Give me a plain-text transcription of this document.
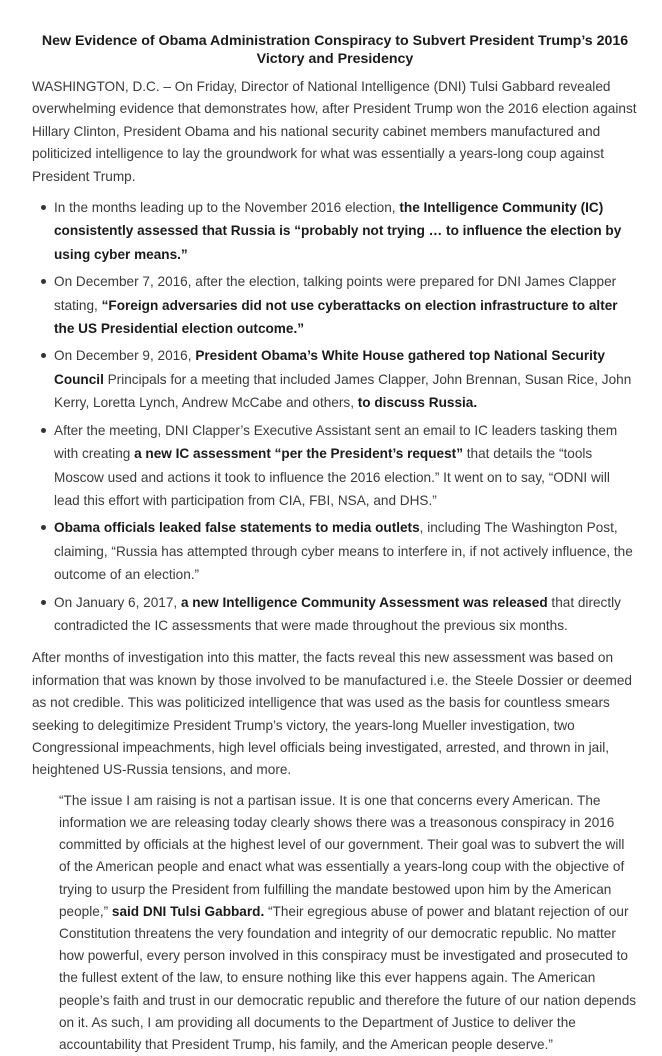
New Evidence of Obama Administration Conspiracy to Subvert President Trump’s 2016 Victory and Presidency

WASHINGTON, D.C. – On Friday, Director of National Intelligence (DNI) Tulsi Gabbard revealed overwhelming evidence that demonstrates how, after President Trump won the 2016 election against Hillary Clinton, President Obama and his national security cabinet members manufactured and politicized intelligence to lay the groundwork for what was essentially a years-long coup against President Trump.

In the months leading up to the November 2016 election, the Intelligence Community (IC) consistently assessed that Russia is “probably not trying … to influence the election by using cyber means.”
On December 7, 2016, after the election, talking points were prepared for DNI James Clapper stating, “Foreign adversaries did not use cyberattacks on election infrastructure to alter the US Presidential election outcome.”
On December 9, 2016, President Obama’s White House gathered top National Security Council Principals for a meeting that included James Clapper, John Brennan, Susan Rice, John Kerry, Loretta Lynch, Andrew McCabe and others, to discuss Russia.
After the meeting, DNI Clapper’s Executive Assistant sent an email to IC leaders tasking them with creating a new IC assessment “per the President’s request” that details the “tools Moscow used and actions it took to influence the 2016 election.” It went on to say, “ODNI will lead this effort with participation from CIA, FBI, NSA, and DHS.”
Obama officials leaked false statements to media outlets, including The Washington Post, claiming, “Russia has attempted through cyber means to interfere in, if not actively influence, the outcome of an election.”
On January 6, 2017, a new Intelligence Community Assessment was released that directly contradicted the IC assessments that were made throughout the previous six months.

After months of investigation into this matter, the facts reveal this new assessment was based on information that was known by those involved to be manufactured i.e. the Steele Dossier or deemed as not credible. This was politicized intelligence that was used as the basis for countless smears seeking to delegitimize President Trump’s victory, the years-long Mueller investigation, two Congressional impeachments, high level officials being investigated, arrested, and thrown in jail, heightened US-Russia tensions, and more.

“The issue I am raising is not a partisan issue. It is one that concerns every American. The information we are releasing today clearly shows there was a treasonous conspiracy in 2016 committed by officials at the highest level of our government. Their goal was to subvert the will of the American people and enact what was essentially a years-long coup with the objective of trying to usurp the President from fulfilling the mandate bestowed upon him by the American people,” said DNI Tulsi Gabbard. “Their egregious abuse of power and blatant rejection of our Constitution threatens the very foundation and integrity of our democratic republic. No matter how powerful, every person involved in this conspiracy must be investigated and prosecuted to the fullest extent of the law, to ensure nothing like this ever happens again. The American people’s faith and trust in our democratic republic and therefore the future of our nation depends on it. As such, I am providing all documents to the Department of Justice to deliver the accountability that President Trump, his family, and the American people deserve.”
